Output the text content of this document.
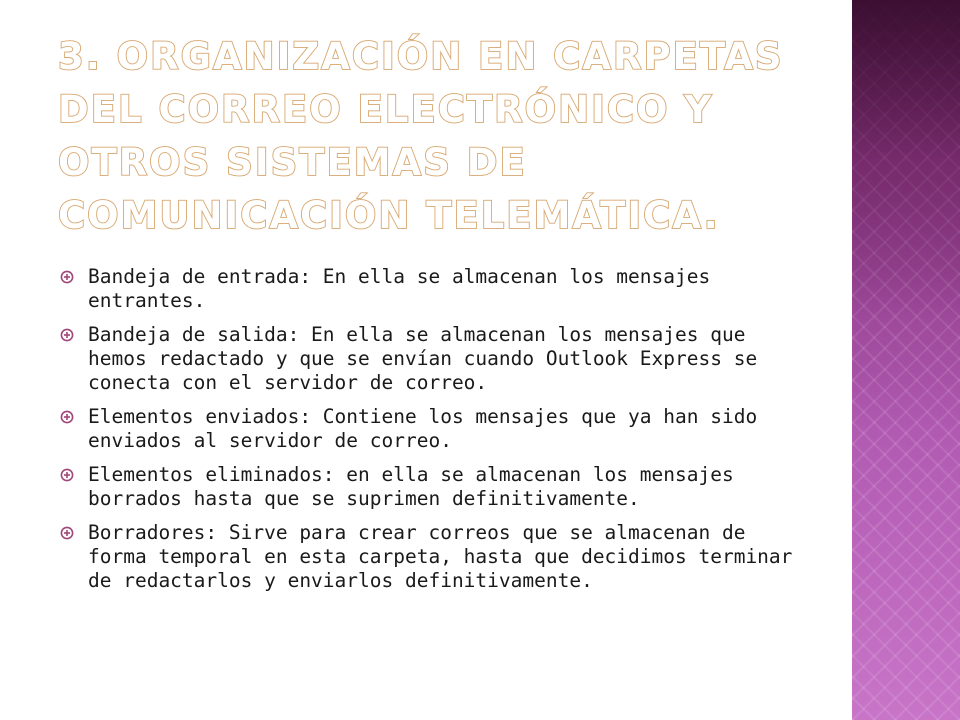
3. ORGANIZACIÓN EN CARPETAS
DEL CORREO ELECTRÓNICO Y
OTROS SISTEMAS DE
COMUNICACIÓN TELEMÁTICA.
Bandeja de entrada: En ella se almacenan los mensajes entrantes.
Bandeja de salida: En ella se almacenan los mensajes que hemos redactado y que se envían cuando Outlook Express se conecta con el servidor de correo.
Elementos enviados: Contiene los mensajes que ya han sido enviados al servidor de correo.
Elementos eliminados: en ella se almacenan los mensajes borrados hasta que se suprimen definitivamente.
Borradores: Sirve para crear correos que se almacenan de forma temporal en esta carpeta, hasta que decidimos terminar de redactarlos y enviarlos definitivamente.
